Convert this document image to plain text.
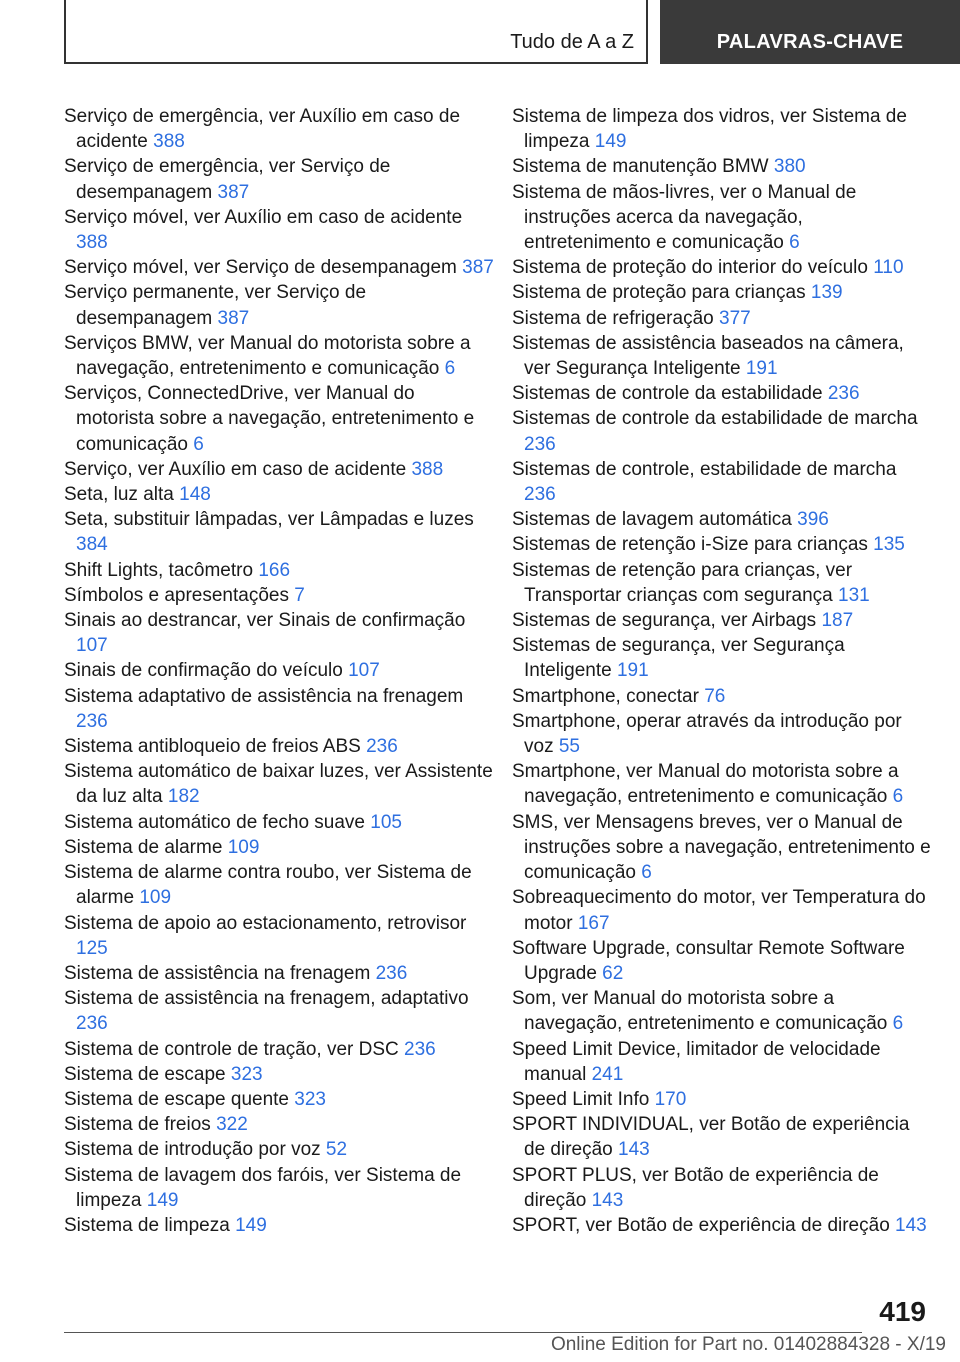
Tudo de A a Z	PALAVRAS-CHAVE
Serviço de emergência, ver Auxílio em caso de acidente 388
Serviço de emergência, ver Serviço de desempanagem 387
Serviço móvel, ver Auxílio em caso de acidente 388
Serviço móvel, ver Serviço de desempanagem 387
Serviço permanente, ver Serviço de desempanagem 387
Serviços BMW, ver Manual do motorista sobre a navegação, entretenimento e comunicação 6
Serviços, ConnectedDrive, ver Manual do motorista sobre a navegação, entretenimento e comunicação 6
Serviço, ver Auxílio em caso de acidente 388
Seta, luz alta 148
Seta, substituir lâmpadas, ver Lâmpadas e luzes 384
Shift Lights, tacômetro 166
Símbolos e apresentações 7
Sinais ao destrancar, ver Sinais de confirmação 107
Sinais de confirmação do veículo 107
Sistema adaptativo de assistência na frenagem 236
Sistema antibloqueio de freios ABS 236
Sistema automático de baixar luzes, ver Assistente da luz alta 182
Sistema automático de fecho suave 105
Sistema de alarme 109
Sistema de alarme contra roubo, ver Sistema de alarme 109
Sistema de apoio ao estacionamento, retrovisor 125
Sistema de assistência na frenagem 236
Sistema de assistência na frenagem, adaptativo 236
Sistema de controle de tração, ver DSC 236
Sistema de escape 323
Sistema de escape quente 323
Sistema de freios 322
Sistema de introdução por voz 52
Sistema de lavagem dos faróis, ver Sistema de limpeza 149
Sistema de limpeza 149
Sistema de limpeza dos vidros, ver Sistema de limpeza 149
Sistema de manutenção BMW 380
Sistema de mãos-livres, ver o Manual de instruções acerca da navegação, entretenimento e comunicação 6
Sistema de proteção do interior do veículo 110
Sistema de proteção para crianças 139
Sistema de refrigeração 377
Sistemas de assistência baseados na câmera, ver Segurança Inteligente 191
Sistemas de controle da estabilidade 236
Sistemas de controle da estabilidade de marcha 236
Sistemas de controle, estabilidade de marcha 236
Sistemas de lavagem automática 396
Sistemas de retenção i-Size para crianças 135
Sistemas de retenção para crianças, ver Transportar crianças com segurança 131
Sistemas de segurança, ver Airbags 187
Sistemas de segurança, ver Segurança Inteligente 191
Smartphone, conectar 76
Smartphone, operar através da introdução por voz 55
Smartphone, ver Manual do motorista sobre a navegação, entretenimento e comunicação 6
SMS, ver Mensagens breves, ver o Manual de instruções sobre a navegação, entretenimento e comunicação 6
Sobreaquecimento do motor, ver Temperatura do motor 167
Software Upgrade, consultar Remote Software Upgrade 62
Som, ver Manual do motorista sobre a navegação, entretenimento e comunicação 6
Speed Limit Device, limitador de velocidade manual 241
Speed Limit Info 170
SPORT INDIVIDUAL, ver Botão de experiência de direção 143
SPORT PLUS, ver Botão de experiência de direção 143
SPORT, ver Botão de experiência de direção 143
419
Online Edition for Part no. 01402884328 - X/19
